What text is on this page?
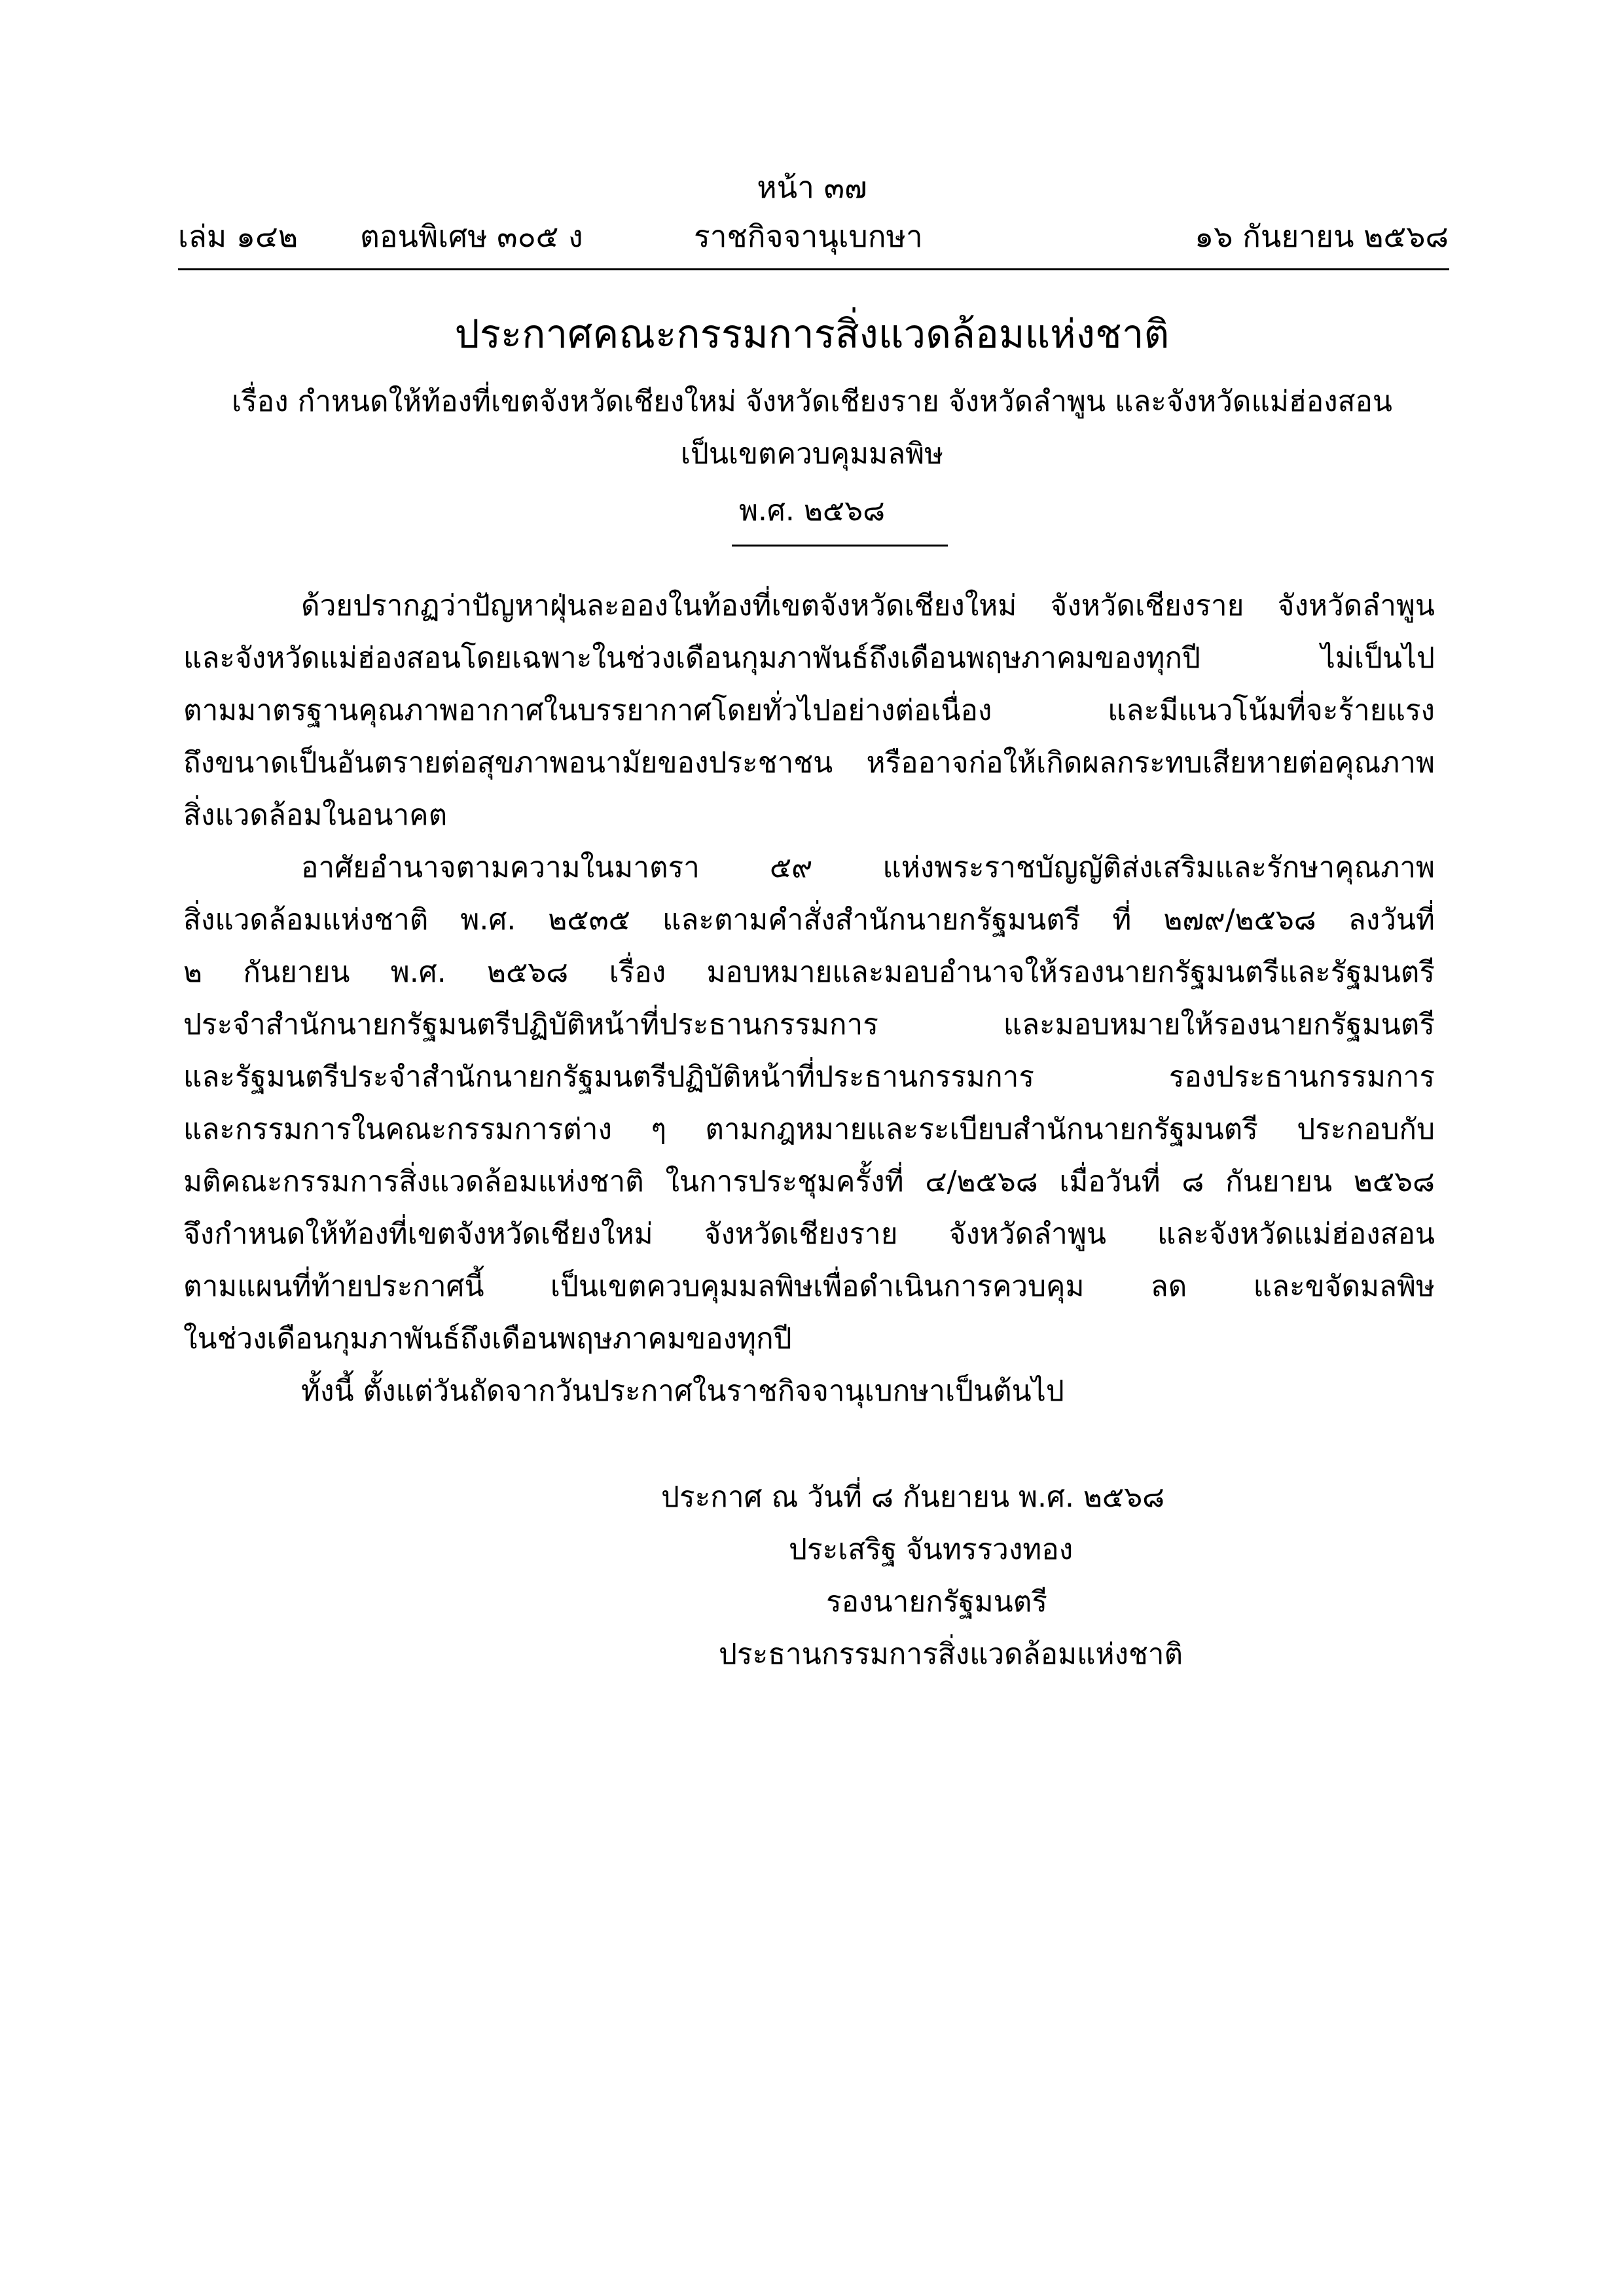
หน้า ๓๗
เล่ม ๑๔๒ ตอนพิเศษ ๓๐๕ ง	ราชกิจจานุเบกษา	๑๖ กันยายน ๒๕๖๘
ประกาศคณะกรรมการสิ่งแวดล้อมแห่งชาติ
เรื่อง กำหนดให้ท้องที่เขตจังหวัดเชียงใหม่ จังหวัดเชียงราย จังหวัดลำพูน และจังหวัดแม่ฮ่องสอน
เป็นเขตควบคุมมลพิษ
พ.ศ. ๒๕๖๘
ด้วยปรากฏว่าปัญหาฝุ่นละอองในท้องที่เขตจังหวัดเชียงใหม่ จังหวัดเชียงราย จังหวัดลำพูน
และจังหวัดแม่ฮ่องสอนโดยเฉพาะในช่วงเดือนกุมภาพันธ์ถึงเดือนพฤษภาคมของทุกปี ไม่เป็นไป
ตามมาตรฐานคุณภาพอากาศในบรรยากาศโดยทั่วไปอย่างต่อเนื่อง และมีแนวโน้มที่จะร้ายแรง
ถึงขนาดเป็นอันตรายต่อสุขภาพอนามัยของประชาชน หรืออาจก่อให้เกิดผลกระทบเสียหายต่อคุณภาพ
สิ่งแวดล้อมในอนาคต
อาศัยอำนาจตามความในมาตรา ๕๙ แห่งพระราชบัญญัติส่งเสริมและรักษาคุณภาพ
สิ่งแวดล้อมแห่งชาติ พ.ศ. ๒๕๓๕ และตามคำสั่งสำนักนายกรัฐมนตรี ที่ ๒๗๙/๒๕๖๘ ลงวันที่
๒ กันยายน พ.ศ. ๒๕๖๘ เรื่อง มอบหมายและมอบอำนาจให้รองนายกรัฐมนตรีและรัฐมนตรี
ประจำสำนักนายกรัฐมนตรีปฏิบัติหน้าที่ประธานกรรมการ และมอบหมายให้รองนายกรัฐมนตรี
และรัฐมนตรีประจำสำนักนายกรัฐมนตรีปฏิบัติหน้าที่ประธานกรรมการ รองประธานกรรมการ
และกรรมการในคณะกรรมการต่าง ๆ ตามกฎหมายและระเบียบสำนักนายกรัฐมนตรี ประกอบกับ
มติคณะกรรมการสิ่งแวดล้อมแห่งชาติ ในการประชุมครั้งที่ ๔/๒๕๖๘ เมื่อวันที่ ๘ กันยายน ๒๕๖๘
จึงกำหนดให้ท้องที่เขตจังหวัดเชียงใหม่ จังหวัดเชียงราย จังหวัดลำพูน และจังหวัดแม่ฮ่องสอน
ตามแผนที่ท้ายประกาศนี้ เป็นเขตควบคุมมลพิษเพื่อดำเนินการควบคุม ลด และขจัดมลพิษ
ในช่วงเดือนกุมภาพันธ์ถึงเดือนพฤษภาคมของทุกปี
ทั้งนี้ ตั้งแต่วันถัดจากวันประกาศในราชกิจจานุเบกษาเป็นต้นไป
ประกาศ ณ วันที่ ๘ กันยายน พ.ศ. ๒๕๖๘
ประเสริฐ จันทรรวงทอง
รองนายกรัฐมนตรี
ประธานกรรมการสิ่งแวดล้อมแห่งชาติ
